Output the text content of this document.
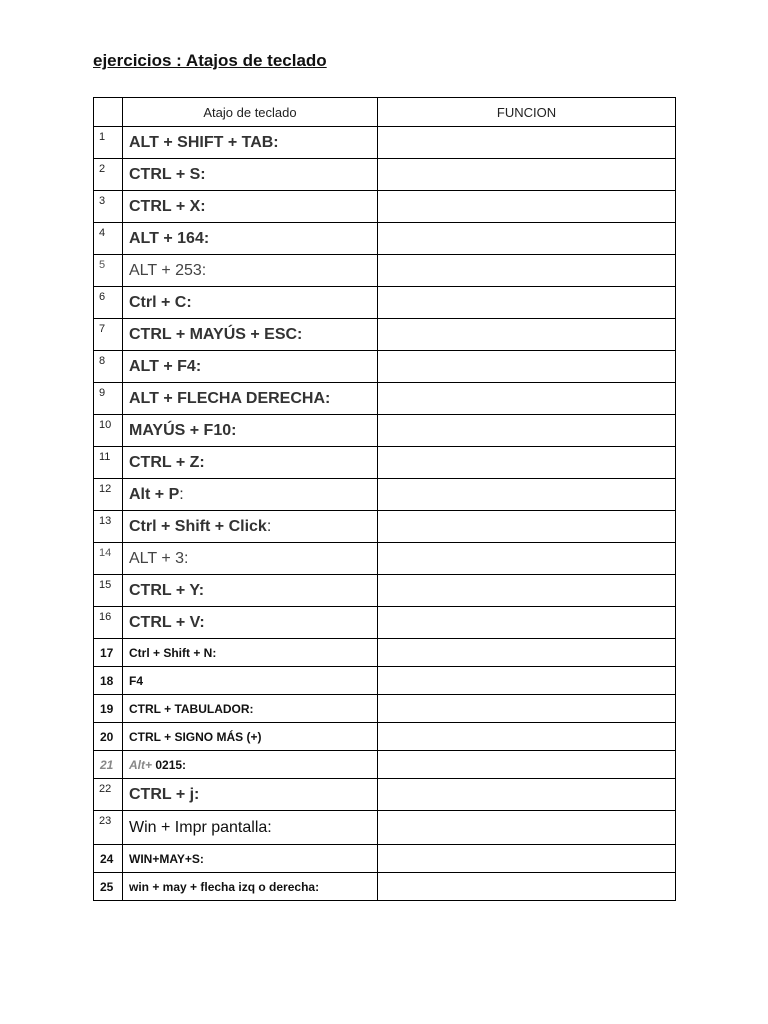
ejercicios : Atajos de teclado
	Atajo de teclado	FUNCION
1	ALT + SHIFT + TAB:	
2	CTRL + S:	
3	CTRL + X:	
4	ALT + 164:	
5	ALT + 253:	
6	Ctrl + C:	
7	CTRL + MAYÚS + ESC:	
8	ALT + F4:	
9	ALT + FLECHA DERECHA:	
10	MAYÚS + F10:	
11	CTRL + Z:	
12	Alt + P:	
13	Ctrl + Shift + Click:	
14	ALT + 3:	
15	CTRL + Y:	
16	CTRL + V:	
17	Ctrl + Shift + N:	
18	F4	
19	CTRL + TABULADOR:	
20	CTRL + SIGNO MÁS (+)	
21	Alt+ 0215:	
22	CTRL + j:	
23	Win + Impr pantalla:	
24	WIN+MAY+S:	
25	win + may + flecha izq o derecha:	
